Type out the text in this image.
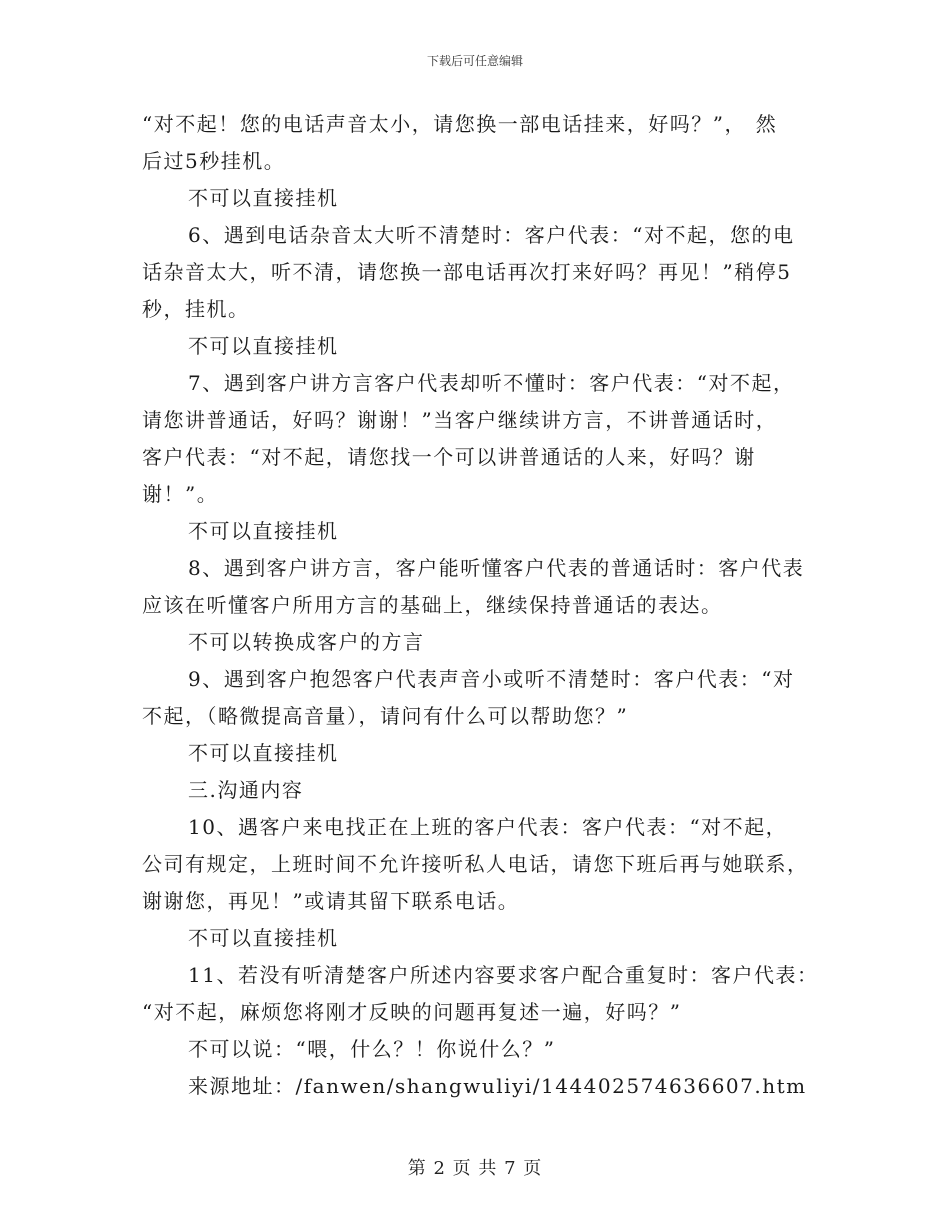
下载后可任意编辑
“对不起！您的电话声音太小，请您换一部电话挂来，好吗？”， 然
后过5秒挂机。
不可以直接挂机
6、遇到电话杂音太大听不清楚时：客户代表：“对不起，您的电
话杂音太大，听不清，请您换一部电话再次打来好吗？再见！”稍停5
秒，挂机。
不可以直接挂机
7、遇到客户讲方言客户代表却听不懂时：客户代表：“对不起，
请您讲普通话，好吗？谢谢！”当客户继续讲方言，不讲普通话时，
客户代表：“对不起，请您找一个可以讲普通话的人来，好吗？谢
谢！”。
不可以直接挂机
8、遇到客户讲方言，客户能听懂客户代表的普通话时：客户代表
应该在听懂客户所用方言的基础上，继续保持普通话的表达。
不可以转换成客户的方言
9、遇到客户抱怨客户代表声音小或听不清楚时：客户代表：“对
不起，（略微提高音量），请问有什么可以帮助您？”
不可以直接挂机
三.沟通内容
10、遇客户来电找正在上班的客户代表：客户代表：“对不起，
公司有规定，上班时间不允许接听私人电话，请您下班后再与她联系，
谢谢您，再见！”或请其留下联系电话。
不可以直接挂机
11、若没有听清楚客户所述内容要求客户配合重复时：客户代表：
“对不起，麻烦您将刚才反映的问题再复述一遍，好吗？”
不可以说：“喂，什么？！你说什么？”
来源地址：/fanwen/shangwuliyi/144402574636607.htm
第 2 页 共 7 页
